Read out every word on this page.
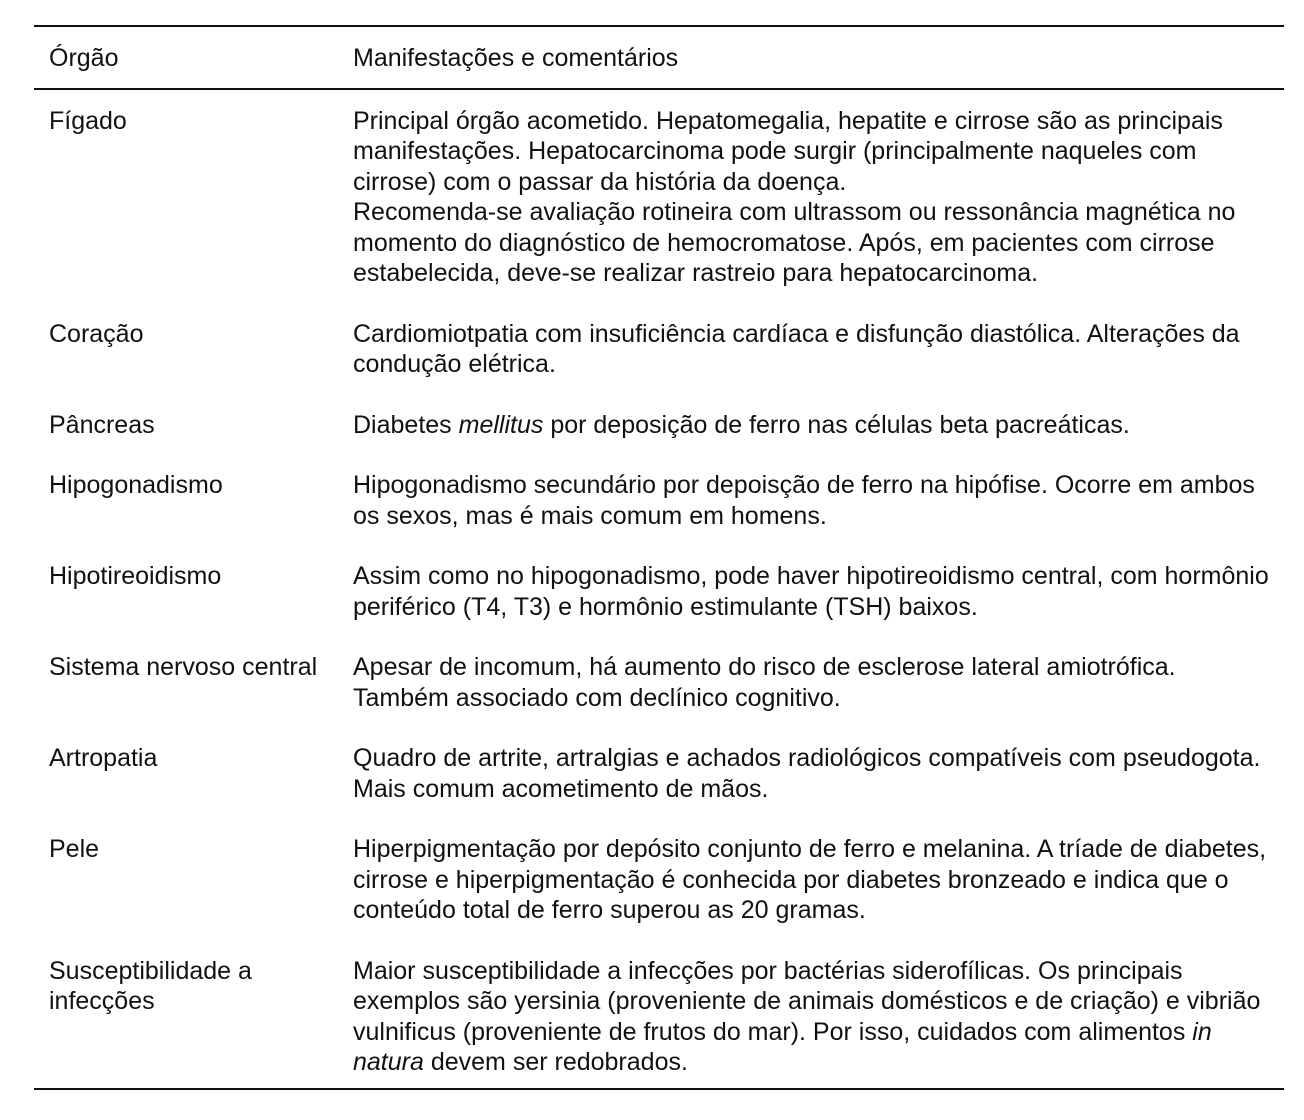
Órgão	Manifestações e comentários
Fígado	Principal órgão acometido. Hepatomegalia, hepatite e cirrose são as principais manifestações. Hepatocarcinoma pode surgir (principalmente naqueles com cirrose) com o passar da história da doença.
Recomenda-se avaliação rotineira com ultrassom ou ressonância magnética no momento do diagnóstico de hemocromatose. Após, em pacientes com cirrose estabelecida, deve-se realizar rastreio para hepatocarcinoma.
Coração	Cardiomiotpatia com insuficiência cardíaca e disfunção diastólica. Alterações da condução elétrica.
Pâncreas	Diabetes mellitus por deposição de ferro nas células beta pacreáticas.
Hipogonadismo	Hipogonadismo secundário por depoisção de ferro na hipófise. Ocorre em ambos os sexos, mas é mais comum em homens.
Hipotireoidismo	Assim como no hipogonadismo, pode haver hipotireoidismo central, com hormônio periférico (T4, T3) e hormônio estimulante (TSH) baixos.
Sistema nervoso central	Apesar de incomum, há aumento do risco de esclerose lateral amiotrófica. Também associado com declínico cognitivo.
Artropatia	Quadro de artrite, artralgias e achados radiológicos compatíveis com pseudogota. Mais comum acometimento de mãos.
Pele	Hiperpigmentação por depósito conjunto de ferro e melanina. A tríade de diabetes, cirrose e hiperpigmentação é conhecida por diabetes bronzeado e indica que o conteúdo total de ferro superou as 20 gramas.
Susceptibilidade a infecções	Maior susceptibilidade a infecções por bactérias siderofílicas. Os principais exemplos são yersinia (proveniente de animais domésticos e de criação) e vibrião vulnificus (proveniente de frutos do mar). Por isso, cuidados com alimentos in natura devem ser redobrados.
